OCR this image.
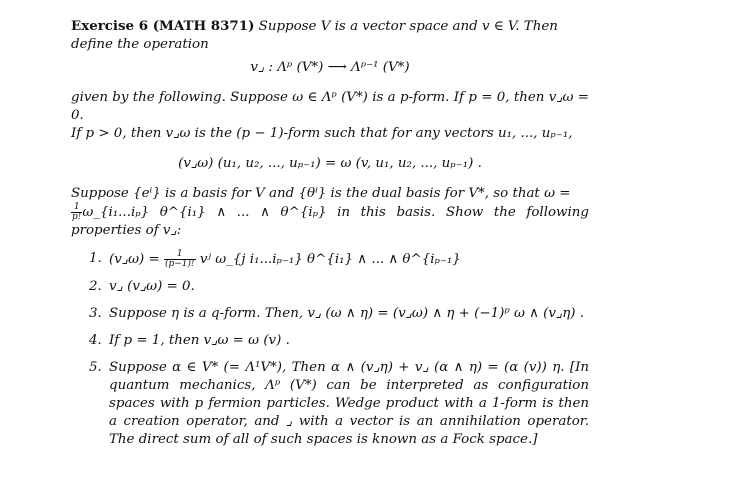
Exercise 6 (MATH 8371) Suppose V is a vector space and v ∈ V. Then
define the operation

v⌟ : Λᵖ (V*) ⟶ Λᵖ⁻¹ (V*)

given by the following. Suppose ω ∈ Λᵖ (V*) is a p-form. If p = 0, then v⌟ω = 0.
If p > 0, then v⌟ω is the (p − 1)-form such that for any vectors u₁, ..., uₚ₋₁,

(v⌟ω) (u₁, u₂, ..., uₚ₋₁) = ω (v, u₁, u₂, ..., uₚ₋₁) .

Suppose {eⁱ} is a basis for V and {θⁱ} is the dual basis for V*, so that ω =

$\frac{1}{p!}$ ω_{i₁...iₚ} θ^{i₁} ∧ ... ∧ θ^{iₚ} in this basis. Show the following properties of v⌟:

1. (v⌟ω) = $\frac{1}{(p-1)!}$ vʲ ω_{j i₁...iₚ₋₁} θ^{i₁} ∧ ... ∧ θ^{iₚ₋₁}
2. v⌟ (v⌟ω) = 0.
3. Suppose η is a q-form. Then, v⌟ (ω ∧ η) = (v⌟ω) ∧ η + (−1)ᵖ ω ∧ (v⌟η) .
4. If p = 1, then v⌟ω = ω (v) .
5. Suppose α ∈ V* (= Λ¹V*), Then α ∧ (v⌟η) + v⌟ (α ∧ η) = (α (v)) η. [In quantum mechanics, Λᵖ (V*) can be interpreted as configuration spaces with p fermion particles. Wedge product with a 1-form is then a creation operator, and ⌟ with a vector is an annihilation operator. The direct sum of all of such spaces is known as a Fock space.]
